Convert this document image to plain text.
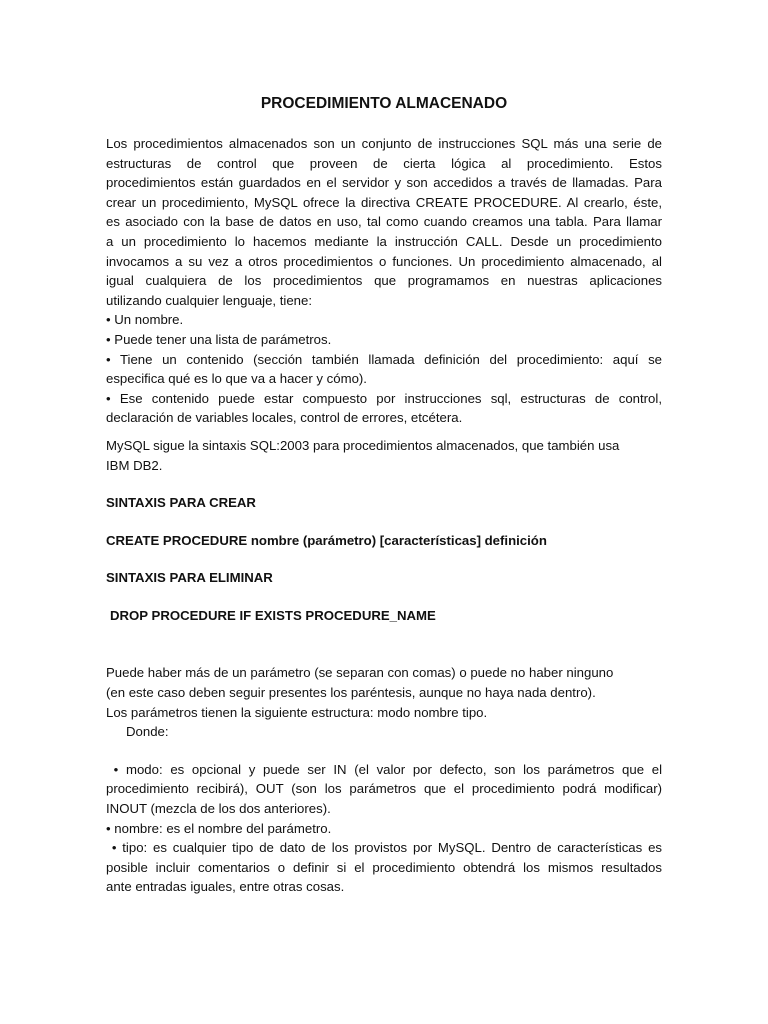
PROCEDIMIENTO ALMACENADO
Los procedimientos almacenados son un conjunto de instrucciones SQL más una serie de
estructuras de control que proveen de cierta lógica al procedimiento. Estos
procedimientos están guardados en el servidor y son accedidos a través de llamadas. Para
crear un procedimiento, MySQL ofrece la directiva CREATE PROCEDURE. Al crearlo, éste,
es asociado con la base de datos en uso, tal como cuando creamos una tabla. Para llamar
a un procedimiento lo hacemos mediante la instrucción CALL. Desde un procedimiento
invocamos a su vez a otros procedimientos o funciones. Un procedimiento almacenado, al
igual cualquiera de los procedimientos que programamos en nuestras aplicaciones
utilizando cualquier lenguaje, tiene:
• Un nombre.
• Puede tener una lista de parámetros.
• Tiene un contenido (sección también llamada definición del procedimiento: aquí se
especifica qué es lo que va a hacer y cómo).
• Ese contenido puede estar compuesto por instrucciones sql, estructuras de control,
declaración de variables locales, control de errores, etcétera.
MySQL sigue la sintaxis SQL:2003 para procedimientos almacenados, que también usa
IBM DB2.
SINTAXIS PARA CREAR
CREATE PROCEDURE nombre (parámetro) [características] definición
SINTAXIS PARA ELIMINAR
DROP PROCEDURE IF EXISTS PROCEDURE_NAME
Puede haber más de un parámetro (se separan con comas) o puede no haber ninguno
(en este caso deben seguir presentes los paréntesis, aunque no haya nada dentro).
Los parámetros tienen la siguiente estructura: modo nombre tipo.
Donde:
• modo: es opcional y puede ser IN (el valor por defecto, son los parámetros que el
procedimiento recibirá), OUT (son los parámetros que el procedimiento podrá modificar)
INOUT (mezcla de los dos anteriores).
• nombre: es el nombre del parámetro.
• tipo: es cualquier tipo de dato de los provistos por MySQL. Dentro de características es
posible incluir comentarios o definir si el procedimiento obtendrá los mismos resultados
ante entradas iguales, entre otras cosas.
